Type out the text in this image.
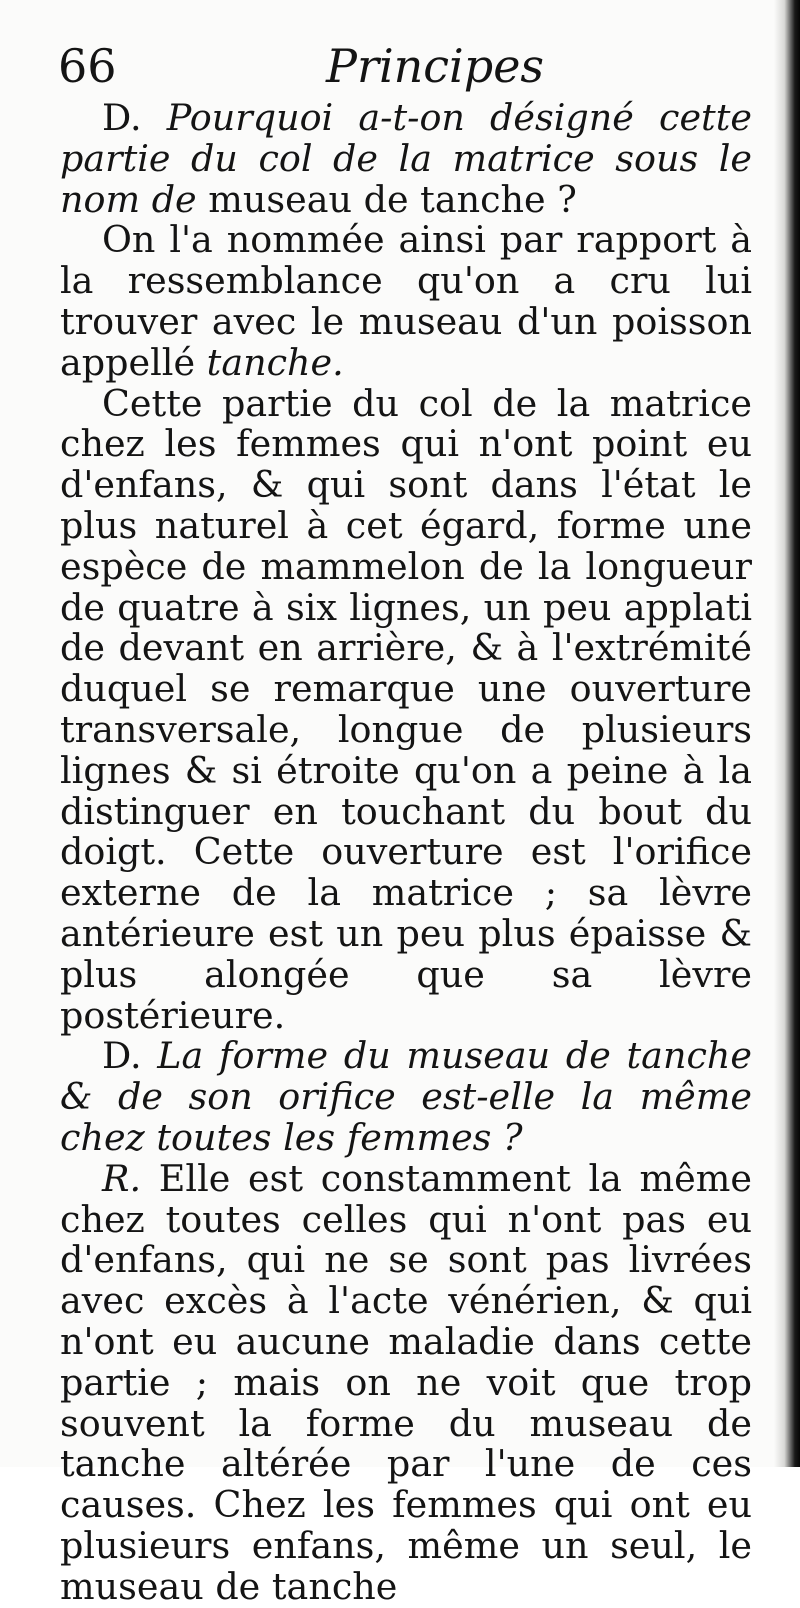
66	Principes

D. Pourquoi a-t-on désigné cette partie du col de la matrice sous le nom de museau de tanche ?

On l'a nommée ainsi par rapport à la ressemblance qu'on a cru lui trouver avec le museau d'un poisson appellé tanche.

Cette partie du col de la matrice chez les femmes qui n'ont point eu d'enfans, & qui sont dans l'état le plus naturel à cet égard, forme une espèce de mammelon de la longueur de quatre à six lignes, un peu applati de devant en arrière, & à l'extrémité duquel se remarque une ouverture transversale, longue de plusieurs lignes & si étroite qu'on a peine à la distinguer en touchant du bout du doigt. Cette ouverture est l'orifice externe de la matrice ; sa lèvre antérieure est un peu plus épaisse & plus alongée que sa lèvre postérieure.

D. La forme du museau de tanche & de son orifice est-elle la même chez toutes les femmes ?

R. Elle est constamment la même chez toutes celles qui n'ont pas eu d'enfans, qui ne se sont pas livrées avec excès à l'acte vénérien, & qui n'ont eu aucune maladie dans cette partie ; mais on ne voit que trop souvent la forme du museau de tanche altérée par l'une de ces causes. Chez les femmes qui ont eu plusieurs enfans, même un seul, le museau de tanche
